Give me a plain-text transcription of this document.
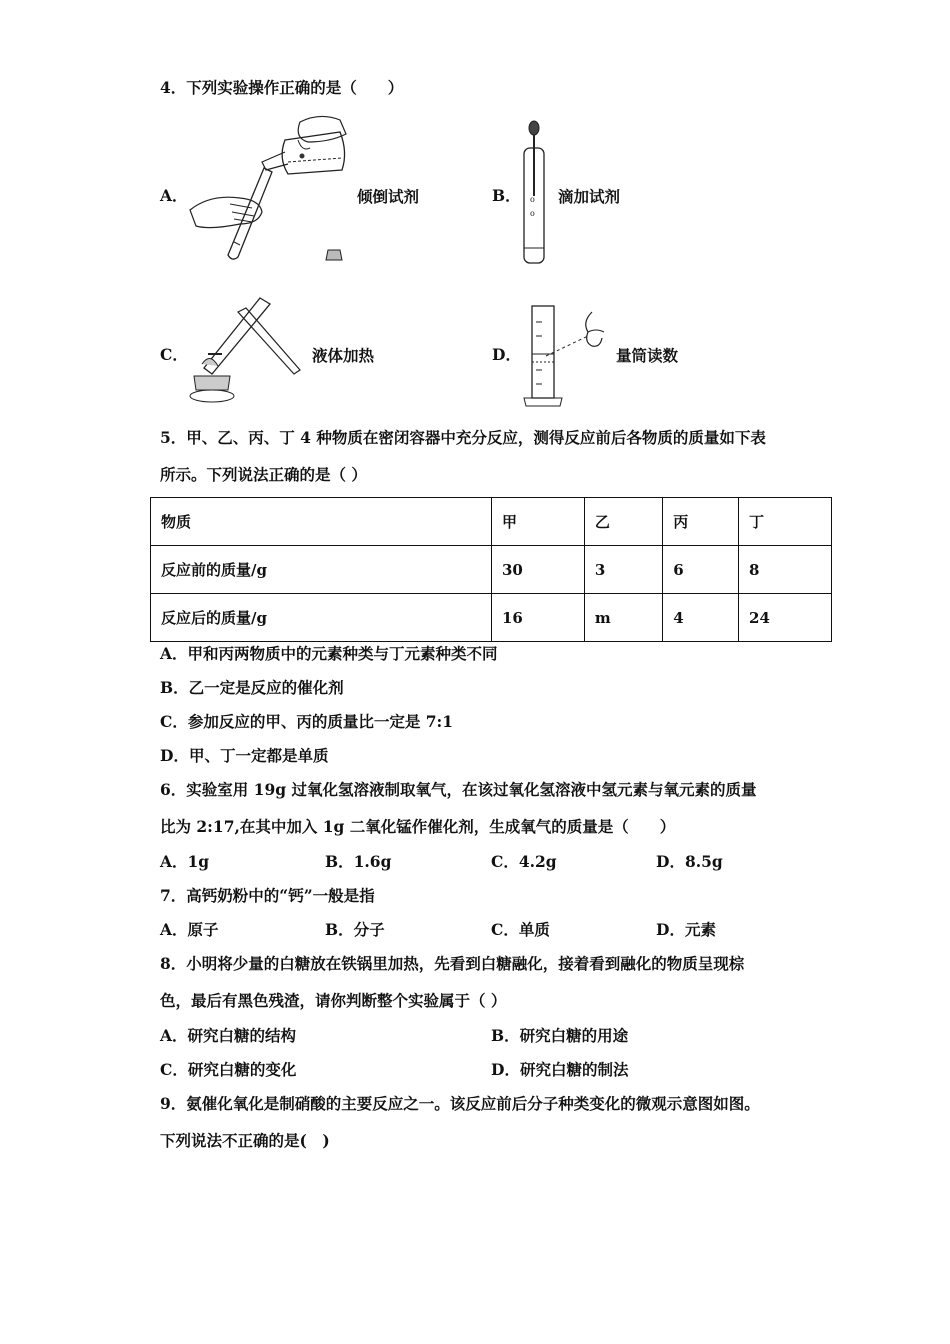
4．下列实验操作正确的是（　　）
A．	倾倒试剂	B． o
o
滴加试剂
C．	液体加热	D．	量筒读数
5．甲、乙、丙、丁 4 种物质在密闭容器中充分反应，测得反应前后各物质的质量如下表
所示。下列说法正确的是（ ）
物质	甲	乙	丙	丁
反应前的质量/g	30	3	6	8
反应后的质量/g	16	m	4	24
A．甲和丙两物质中的元素种类与丁元素种类不同
B．乙一定是反应的催化剂
C．参加反应的甲、丙的质量比一定是 7:1
D．甲、丁一定都是单质
6．实验室用 19g 过氧化氢溶液制取氧气，在该过氧化氢溶液中氢元素与氧元素的质量
比为 2:17,在其中加入 1g 二氧化锰作催化剂，生成氧气的质量是（　　）
A．1g	B．1.6g	C．4.2g	D．8.5g
7．高钙奶粉中的“钙”一般是指
A．原子	B．分子	C．单质	D．元素
8．小明将少量的白糖放在铁锅里加热，先看到白糖融化，接着看到融化的物质呈现棕
色，最后有黑色残渣，请你判断整个实验属于（ ）
A．研究白糖的结构	B．研究白糖的用途
C．研究白糖的变化	D．研究白糖的制法
9．氨催化氧化是制硝酸的主要反应之一。该反应前后分子种类变化的微观示意图如图。
下列说法不正确的是(　)
